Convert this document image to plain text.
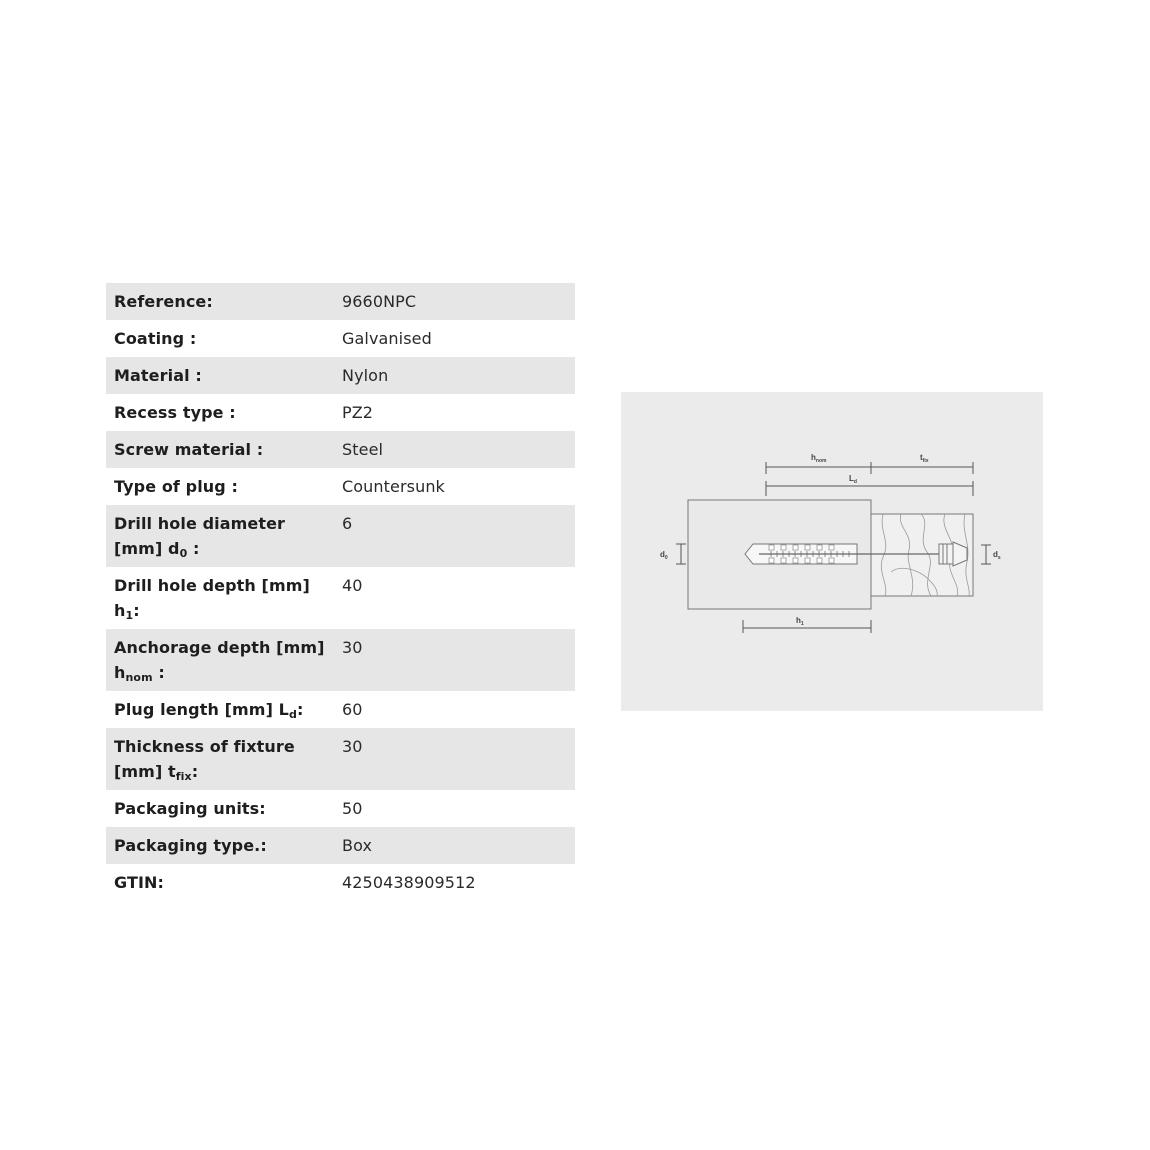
Reference:	9660NPC
Coating :	Galvanised
Material :	Nylon
Recess type :	PZ2
Screw material :	Steel
Type of plug :	Countersunk
Drill hole diameter [mm] $d_0$ :	6
Drill hole depth [mm] $h_1$:	40
Anchorage depth [mm] $h_{nom}$ :	30
Plug length [mm] $L_d$:	60
Thickness of fixture [mm] $t_{fix}$:	30
Packaging units:	50
Packaging type.:	Box
GTIN:	4250438909512
$h_{nom}$	$t_{fix}$
$L_d$
$d_0$	$d_s$
$h_1$
